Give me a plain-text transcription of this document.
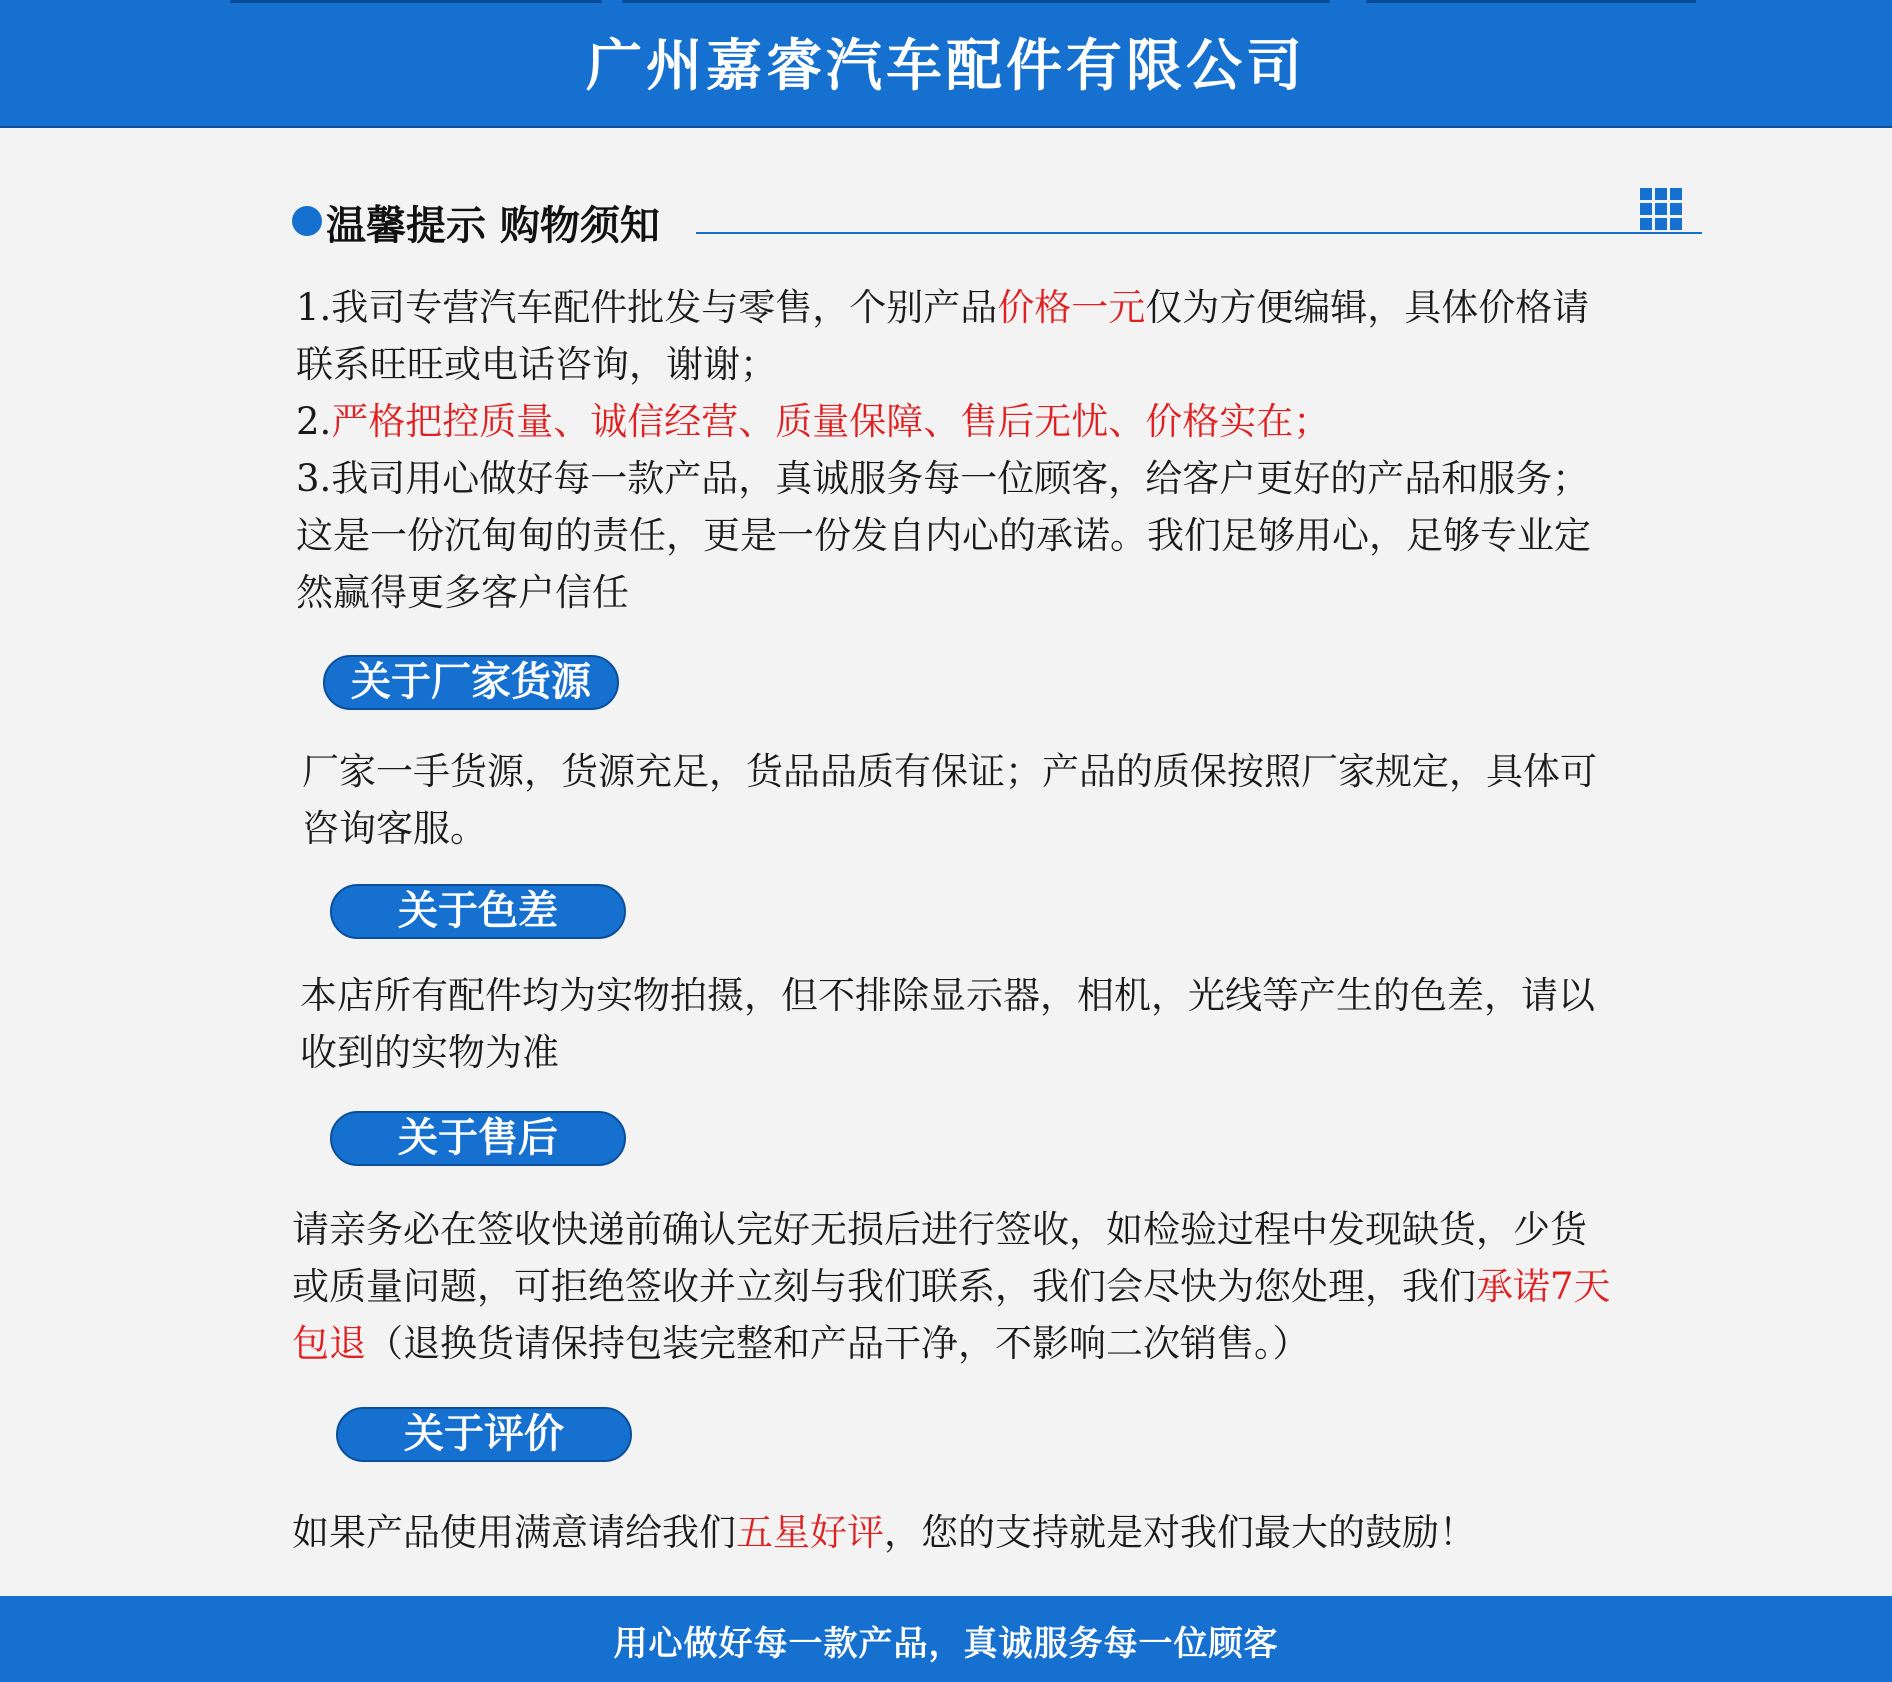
广州嘉睿汽车配件有限公司
温馨提示 购物须知
1.我司专营汽车配件批发与零售，个别产品价格一元仅为方便编辑，具体价格请
联系旺旺或电话咨询，谢谢；
2.严格把控质量、诚信经营、质量保障、售后无忧、价格实在；
3.我司用心做好每一款产品，真诚服务每一位顾客，给客户更好的产品和服务；
这是一份沉甸甸的责任，更是一份发自内心的承诺。我们足够用心，足够专业定
然赢得更多客户信任
关于厂家货源
厂家一手货源，货源充足，货品品质有保证；产品的质保按照厂家规定，具体可
咨询客服。
关于色差
本店所有配件均为实物拍摄，但不排除显示器，相机，光线等产生的色差，请以
收到的实物为准
关于售后
请亲务必在签收快递前确认完好无损后进行签收，如检验过程中发现缺货，少货
或质量问题，可拒绝签收并立刻与我们联系，我们会尽快为您处理，我们承诺7天
包退（退换货请保持包装完整和产品干净，不影响二次销售。）
关于评价
如果产品使用满意请给我们五星好评，您的支持就是对我们最大的鼓励！
用心做好每一款产品，真诚服务每一位顾客
